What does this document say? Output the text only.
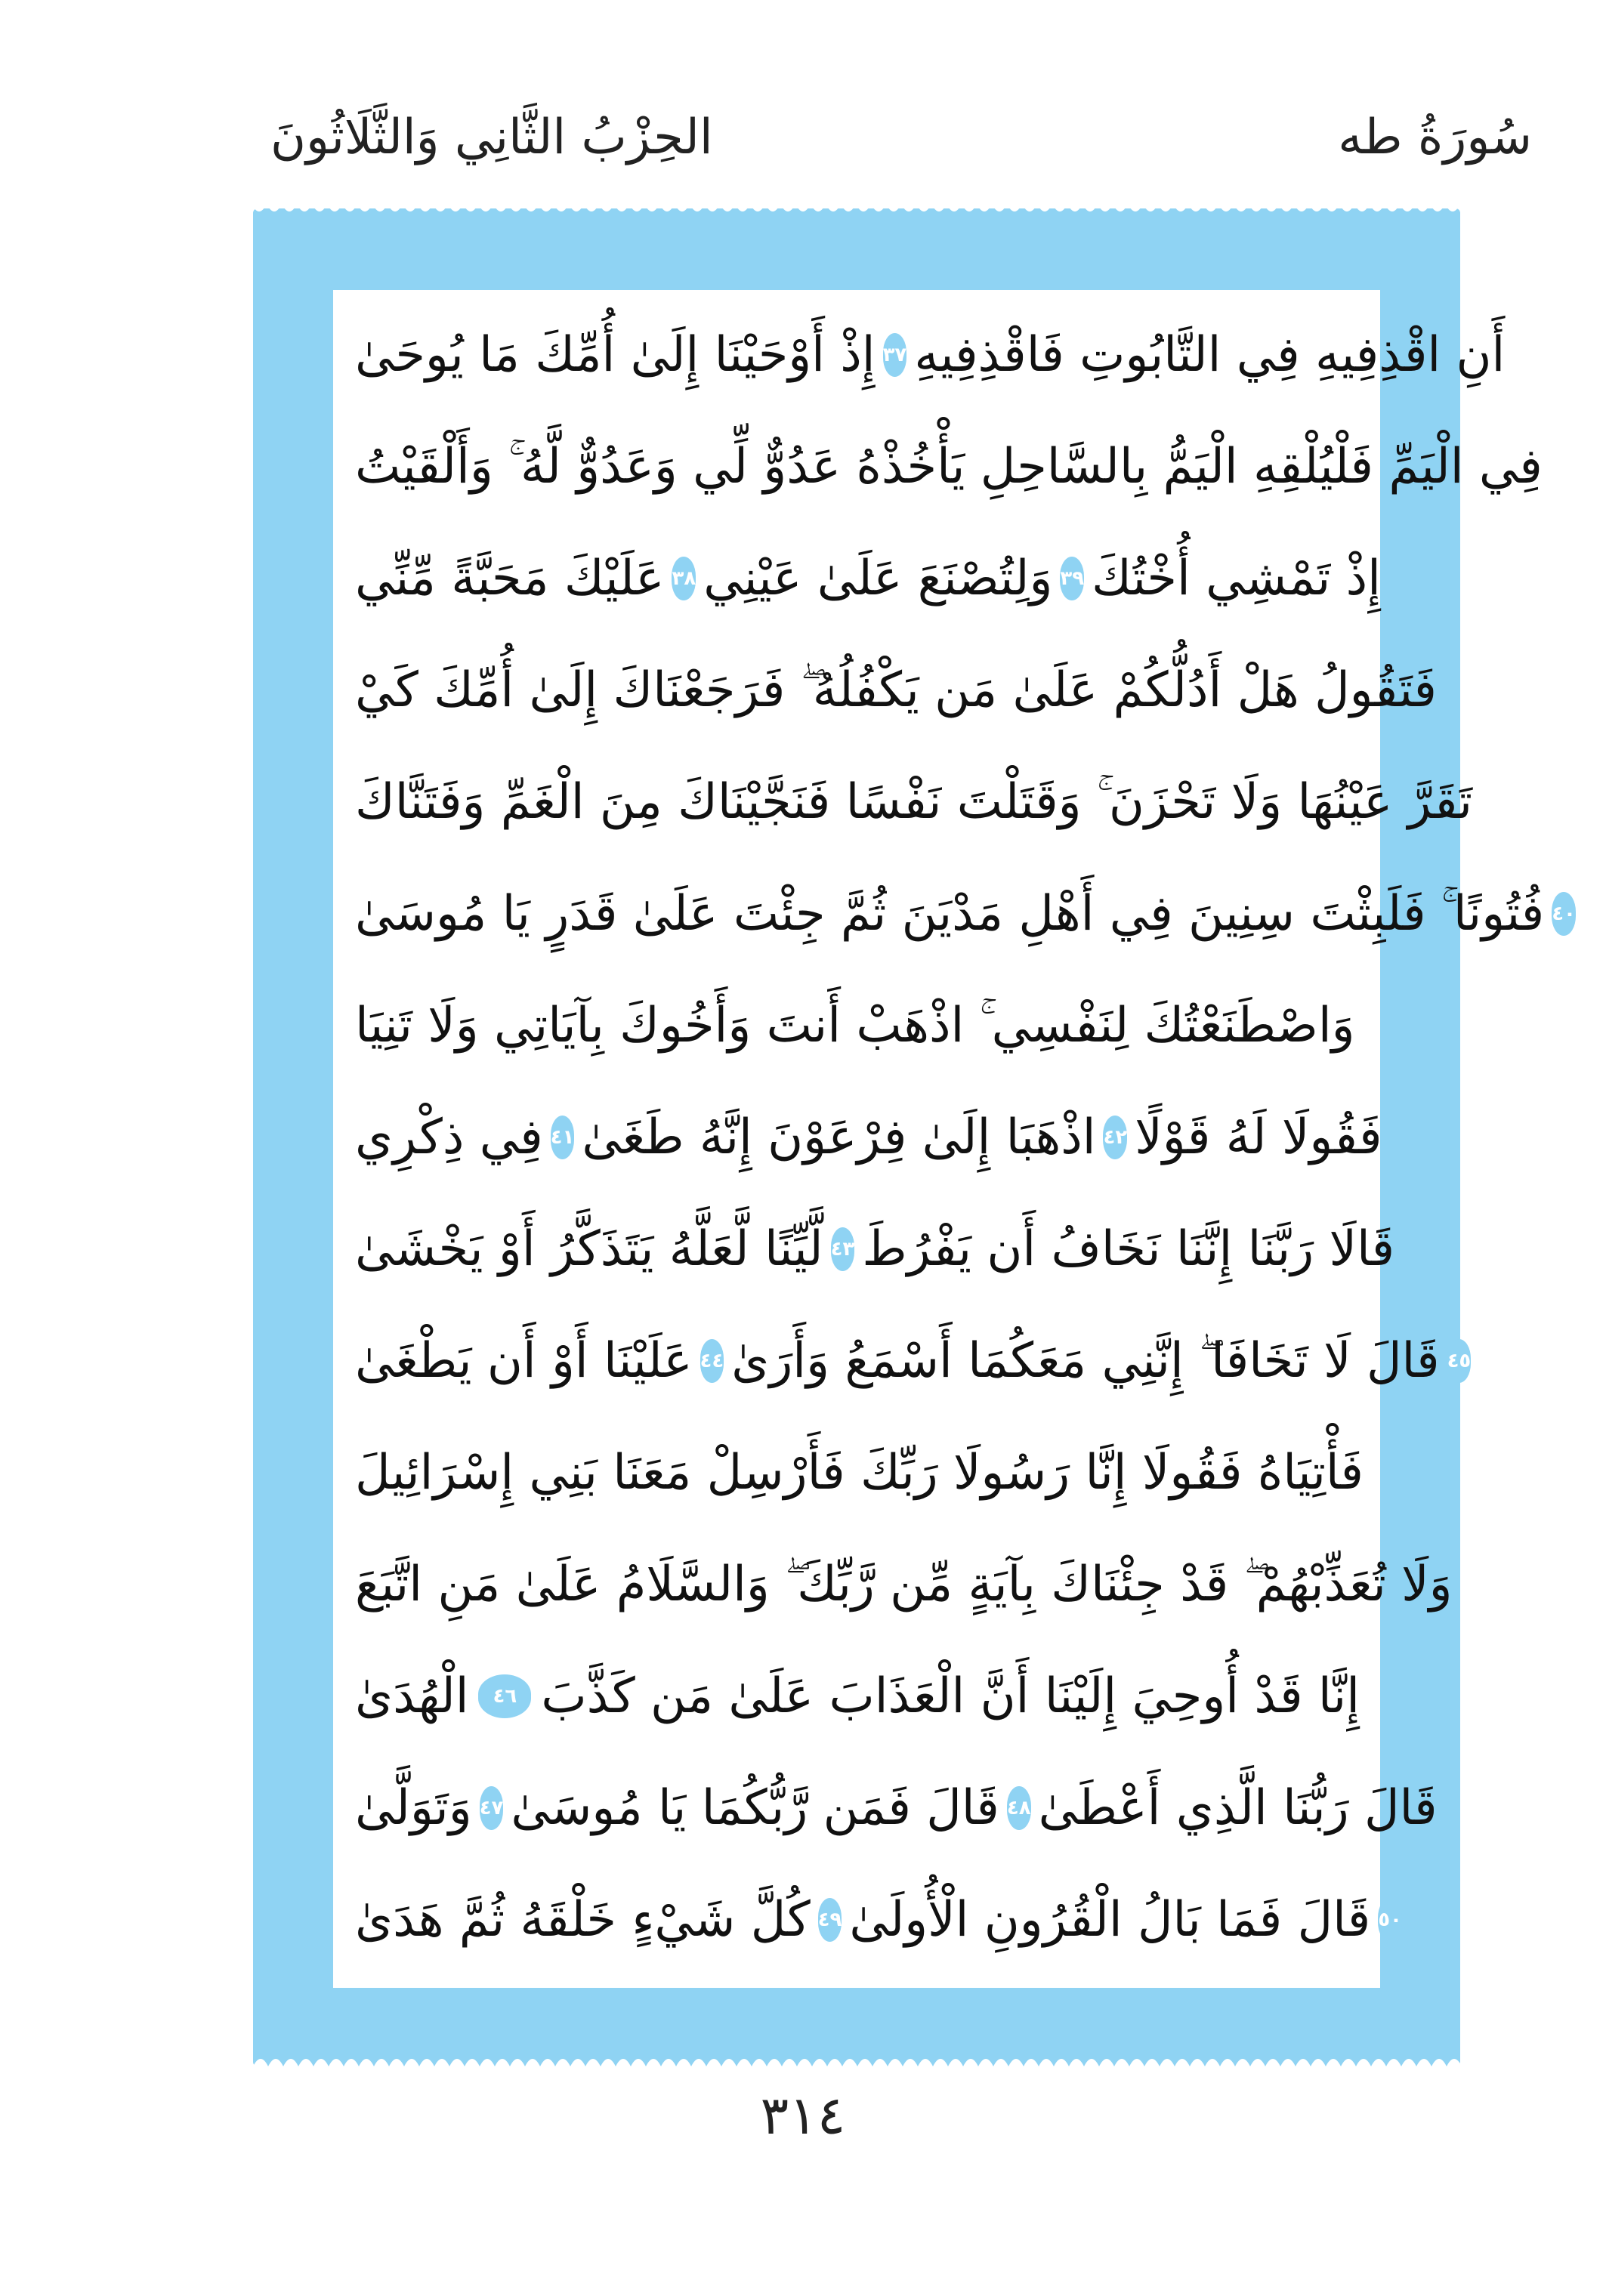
سُورَةُ طه
الحِزْبُ الثَّانِي وَالثَّلَاثُونَ
إِذْ أَوْحَيْنَا إِلَىٰ أُمِّكَ مَا يُوحَىٰ ٣٧ أَنِ اقْذِفِيهِ فِي التَّابُوتِ فَاقْذِفِيهِ
فِي الْيَمِّ فَلْيُلْقِهِ الْيَمُّ بِالسَّاحِلِ يَأْخُذْهُ عَدُوٌّ لِّي وَعَدُوٌّ لَّهُ ۚ وَأَلْقَيْتُ
عَلَيْكَ مَحَبَّةً مِّنِّي ٣٨ وَلِتُصْنَعَ عَلَىٰ عَيْنِي ٣٩ إِذْ تَمْشِي أُخْتُكَ
فَتَقُولُ هَلْ أَدُلُّكُمْ عَلَىٰ مَن يَكْفُلُهُ ۖ فَرَجَعْنَاكَ إِلَىٰ أُمِّكَ كَيْ
تَقَرَّ عَيْنُهَا وَلَا تَحْزَنَ ۚ وَقَتَلْتَ نَفْسًا فَنَجَّيْنَاكَ مِنَ الْغَمِّ وَفَتَنَّاكَ
فُتُونًا ۚ فَلَبِثْتَ سِنِينَ فِي أَهْلِ مَدْيَنَ ثُمَّ جِئْتَ عَلَىٰ قَدَرٍ يَا مُوسَىٰ ٤٠
وَاصْطَنَعْتُكَ لِنَفْسِي ۚ اذْهَبْ أَنتَ وَأَخُوكَ بِآيَاتِي وَلَا تَنِيَا
فِي ذِكْرِي ٤١ اذْهَبَا إِلَىٰ فِرْعَوْنَ إِنَّهُ طَغَىٰ ٤٢ فَقُولَا لَهُ قَوْلًا
لَّيِّنًا لَّعَلَّهُ يَتَذَكَّرُ أَوْ يَخْشَىٰ ٤٣ قَالَا رَبَّنَا إِنَّنَا نَخَافُ أَن يَفْرُطَ
عَلَيْنَا أَوْ أَن يَطْغَىٰ ٤٤ قَالَ لَا تَخَافَا ۖ إِنَّنِي مَعَكُمَا أَسْمَعُ وَأَرَىٰ ٤٥
فَأْتِيَاهُ فَقُولَا إِنَّا رَسُولَا رَبِّكَ فَأَرْسِلْ مَعَنَا بَنِي إِسْرَائِيلَ
وَلَا تُعَذِّبْهُمْ ۖ قَدْ جِئْنَاكَ بِآيَةٍ مِّن رَّبِّكَ ۖ وَالسَّلَامُ عَلَىٰ مَنِ اتَّبَعَ
الْهُدَىٰ	٤٦ إِنَّا قَدْ أُوحِيَ إِلَيْنَا أَنَّ الْعَذَابَ عَلَىٰ مَن كَذَّبَ
وَتَوَلَّىٰ ٤٧ قَالَ فَمَن رَّبُّكُمَا يَا مُوسَىٰ ٤٨ قَالَ رَبُّنَا الَّذِي أَعْطَىٰ
كُلَّ شَيْءٍ خَلْقَهُ ثُمَّ هَدَىٰ ٤٩ قَالَ فَمَا بَالُ الْقُرُونِ الْأُولَىٰ ٥٠
٣١٤
